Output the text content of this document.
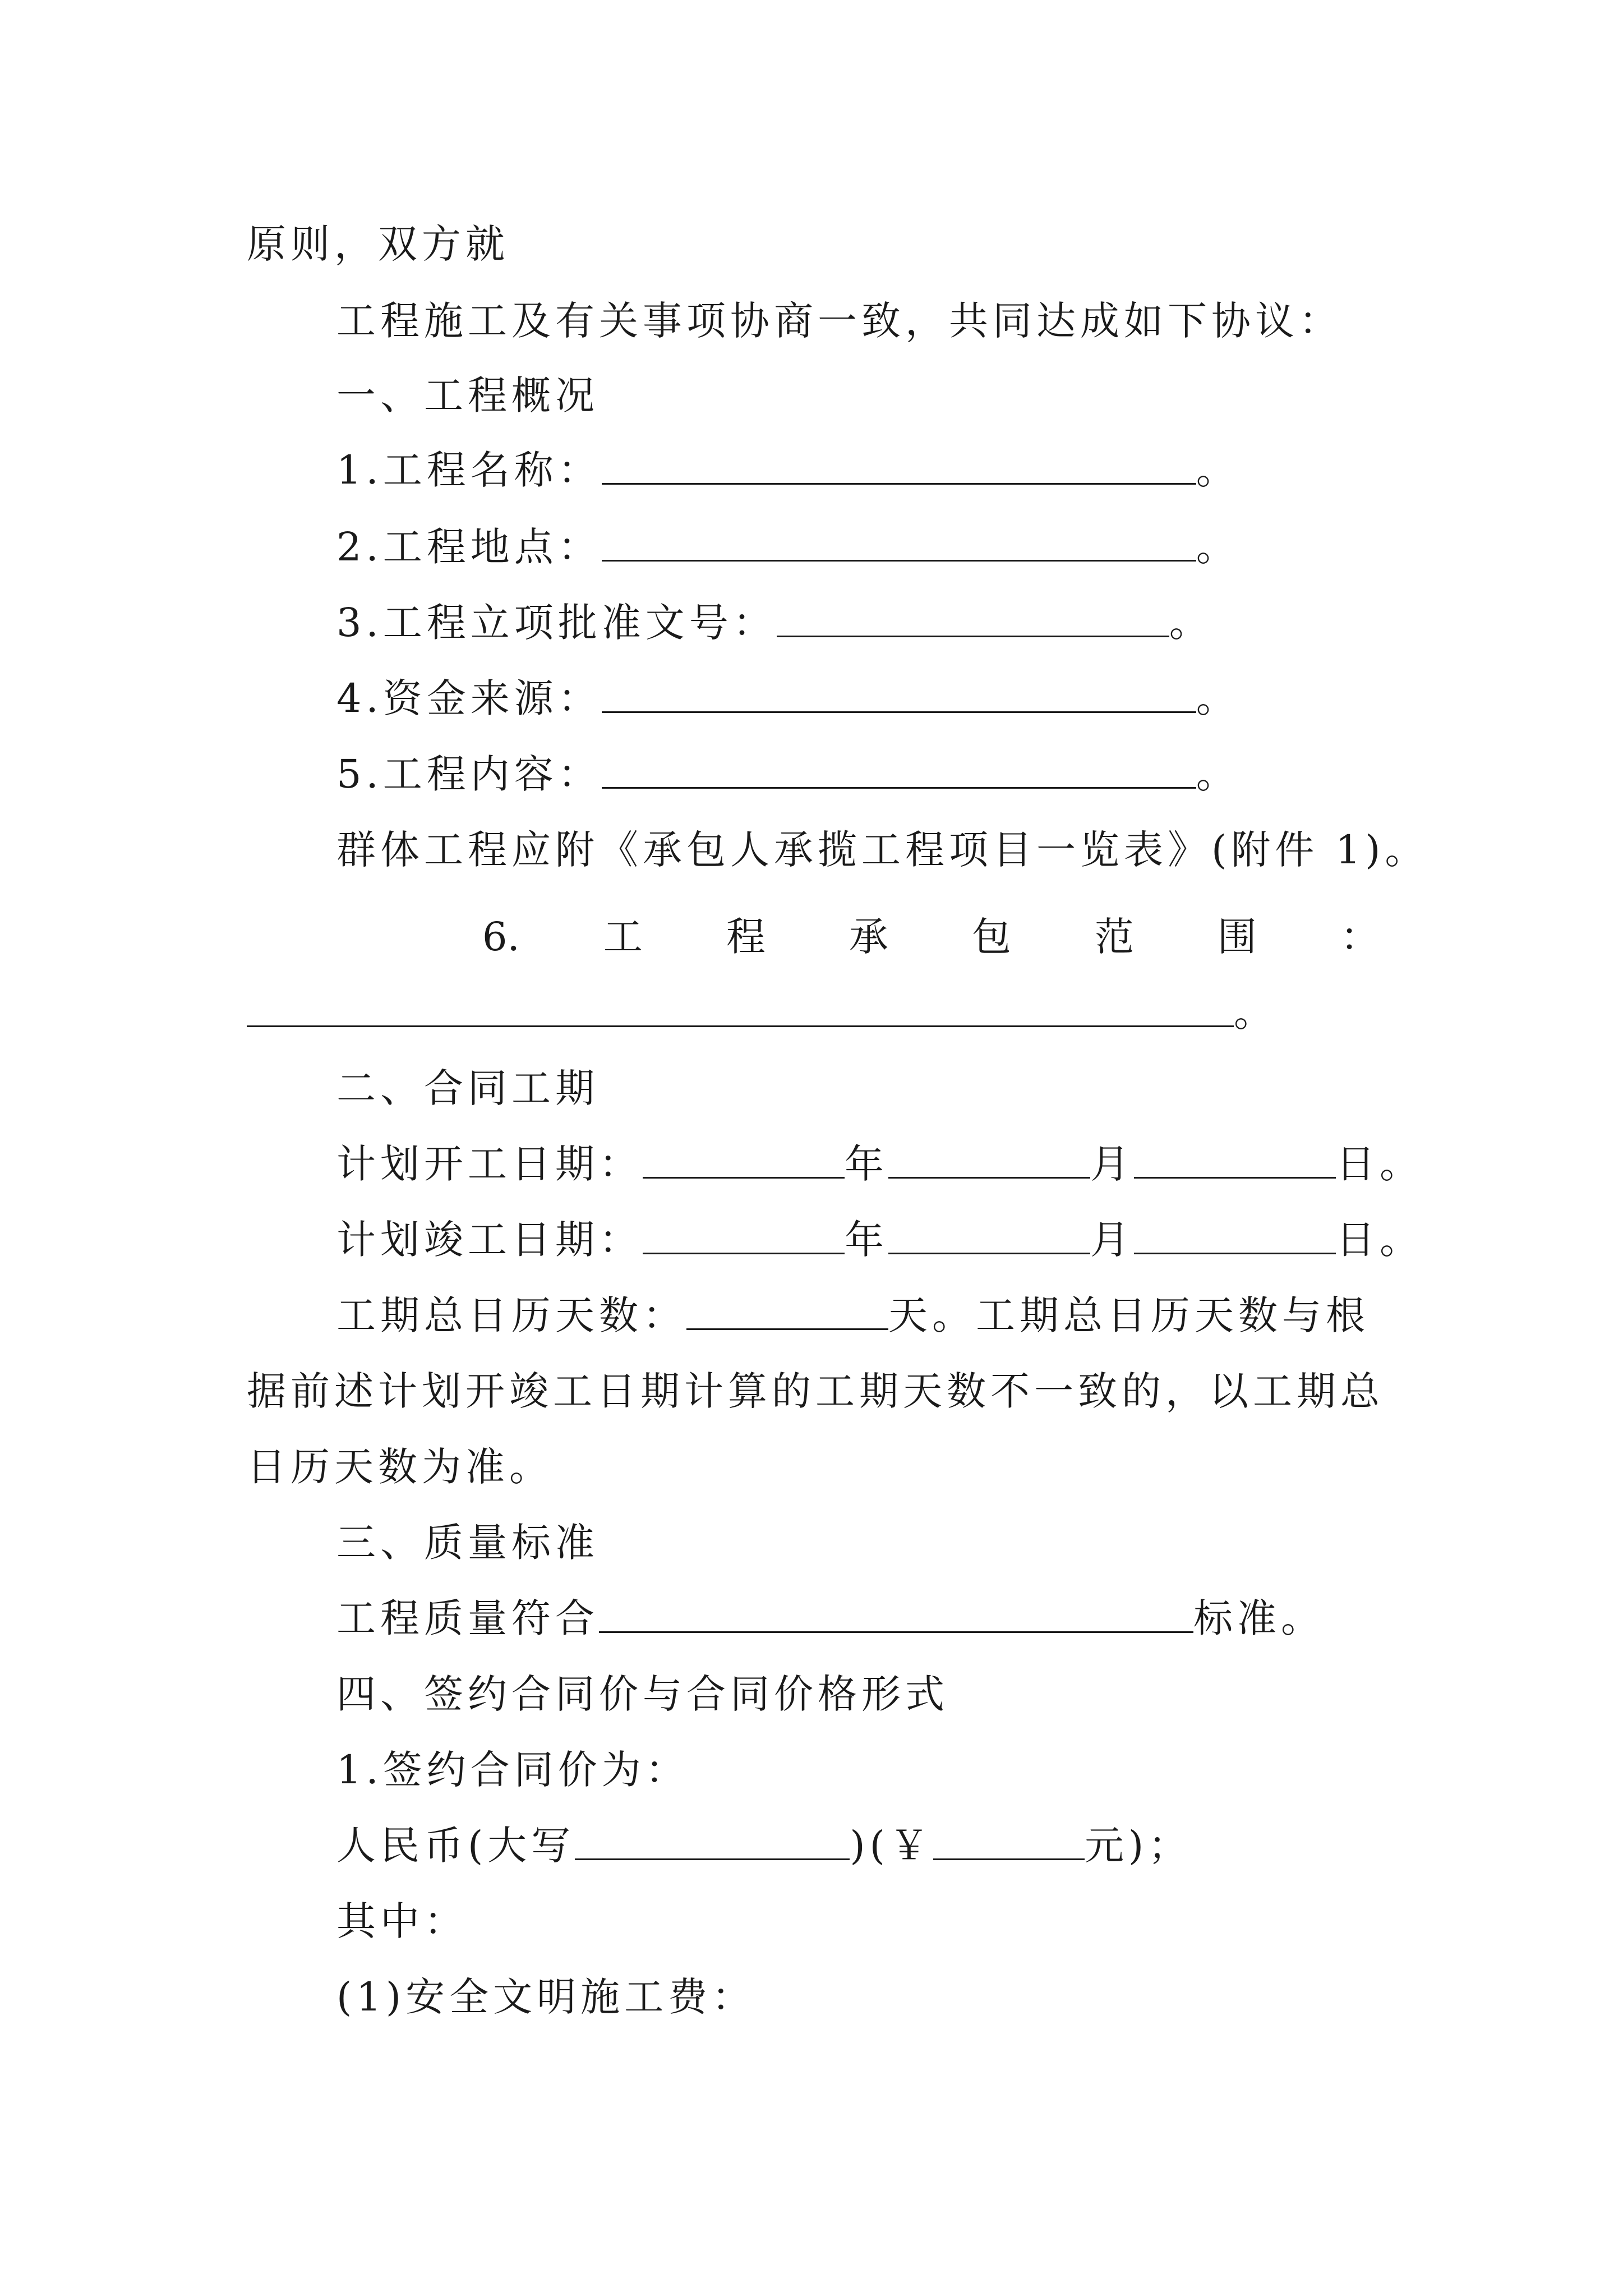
原则，双方就
工程施工及有关事项协商一致，共同达成如下协议：
一、工程概况
1.工程名称：	。
2.工程地点：	。
3.工程立项批准文号：	。
4.资金来源：	。
5.工程内容：	。
群体工程应附《承包人承揽工程项目一览表》(附件 1)。
6. 工 程 承 包 范 围 ：
。
二、合同工期
计划开工日期：	年	月	日。
计划竣工日期：	年	月	日。
工期总日历天数：	天。工期总日历天数与根
据前述计划开竣工日期计算的工期天数不一致的，以工期总
日历天数为准。
三、质量标准
工程质量符合	标准。
四、签约合同价与合同价格形式
1.签约合同价为：
人民币(大写	)(￥	元)；
其中：
(1)安全文明施工费：
